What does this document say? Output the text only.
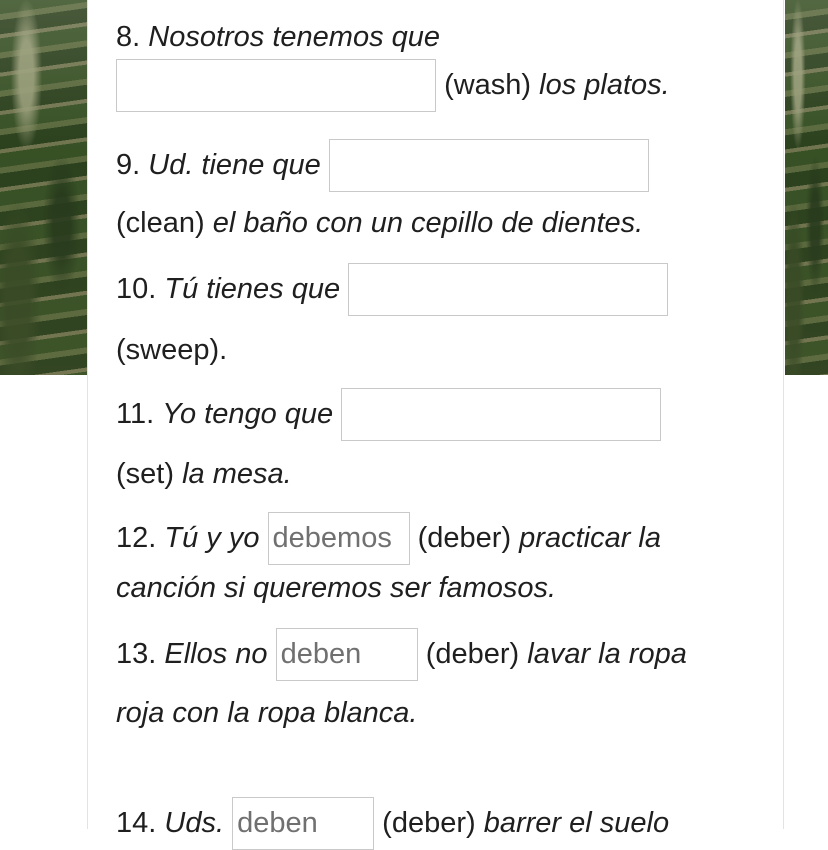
8. Nosotros tenemos que
(wash) los platos.
9. Ud. tiene que
(clean) el baño con un cepillo de dientes.
10. Tú tienes que
(sweep).
11. Yo tengo que
(set) la mesa.
12. Tú y yo debemos	(deber) practicar la
canción si queremos ser famosos.
13. Ellos no deben	(deber) lavar la ropa
roja con la ropa blanca.
14. Uds. deben	(deber) barrer el suelo
